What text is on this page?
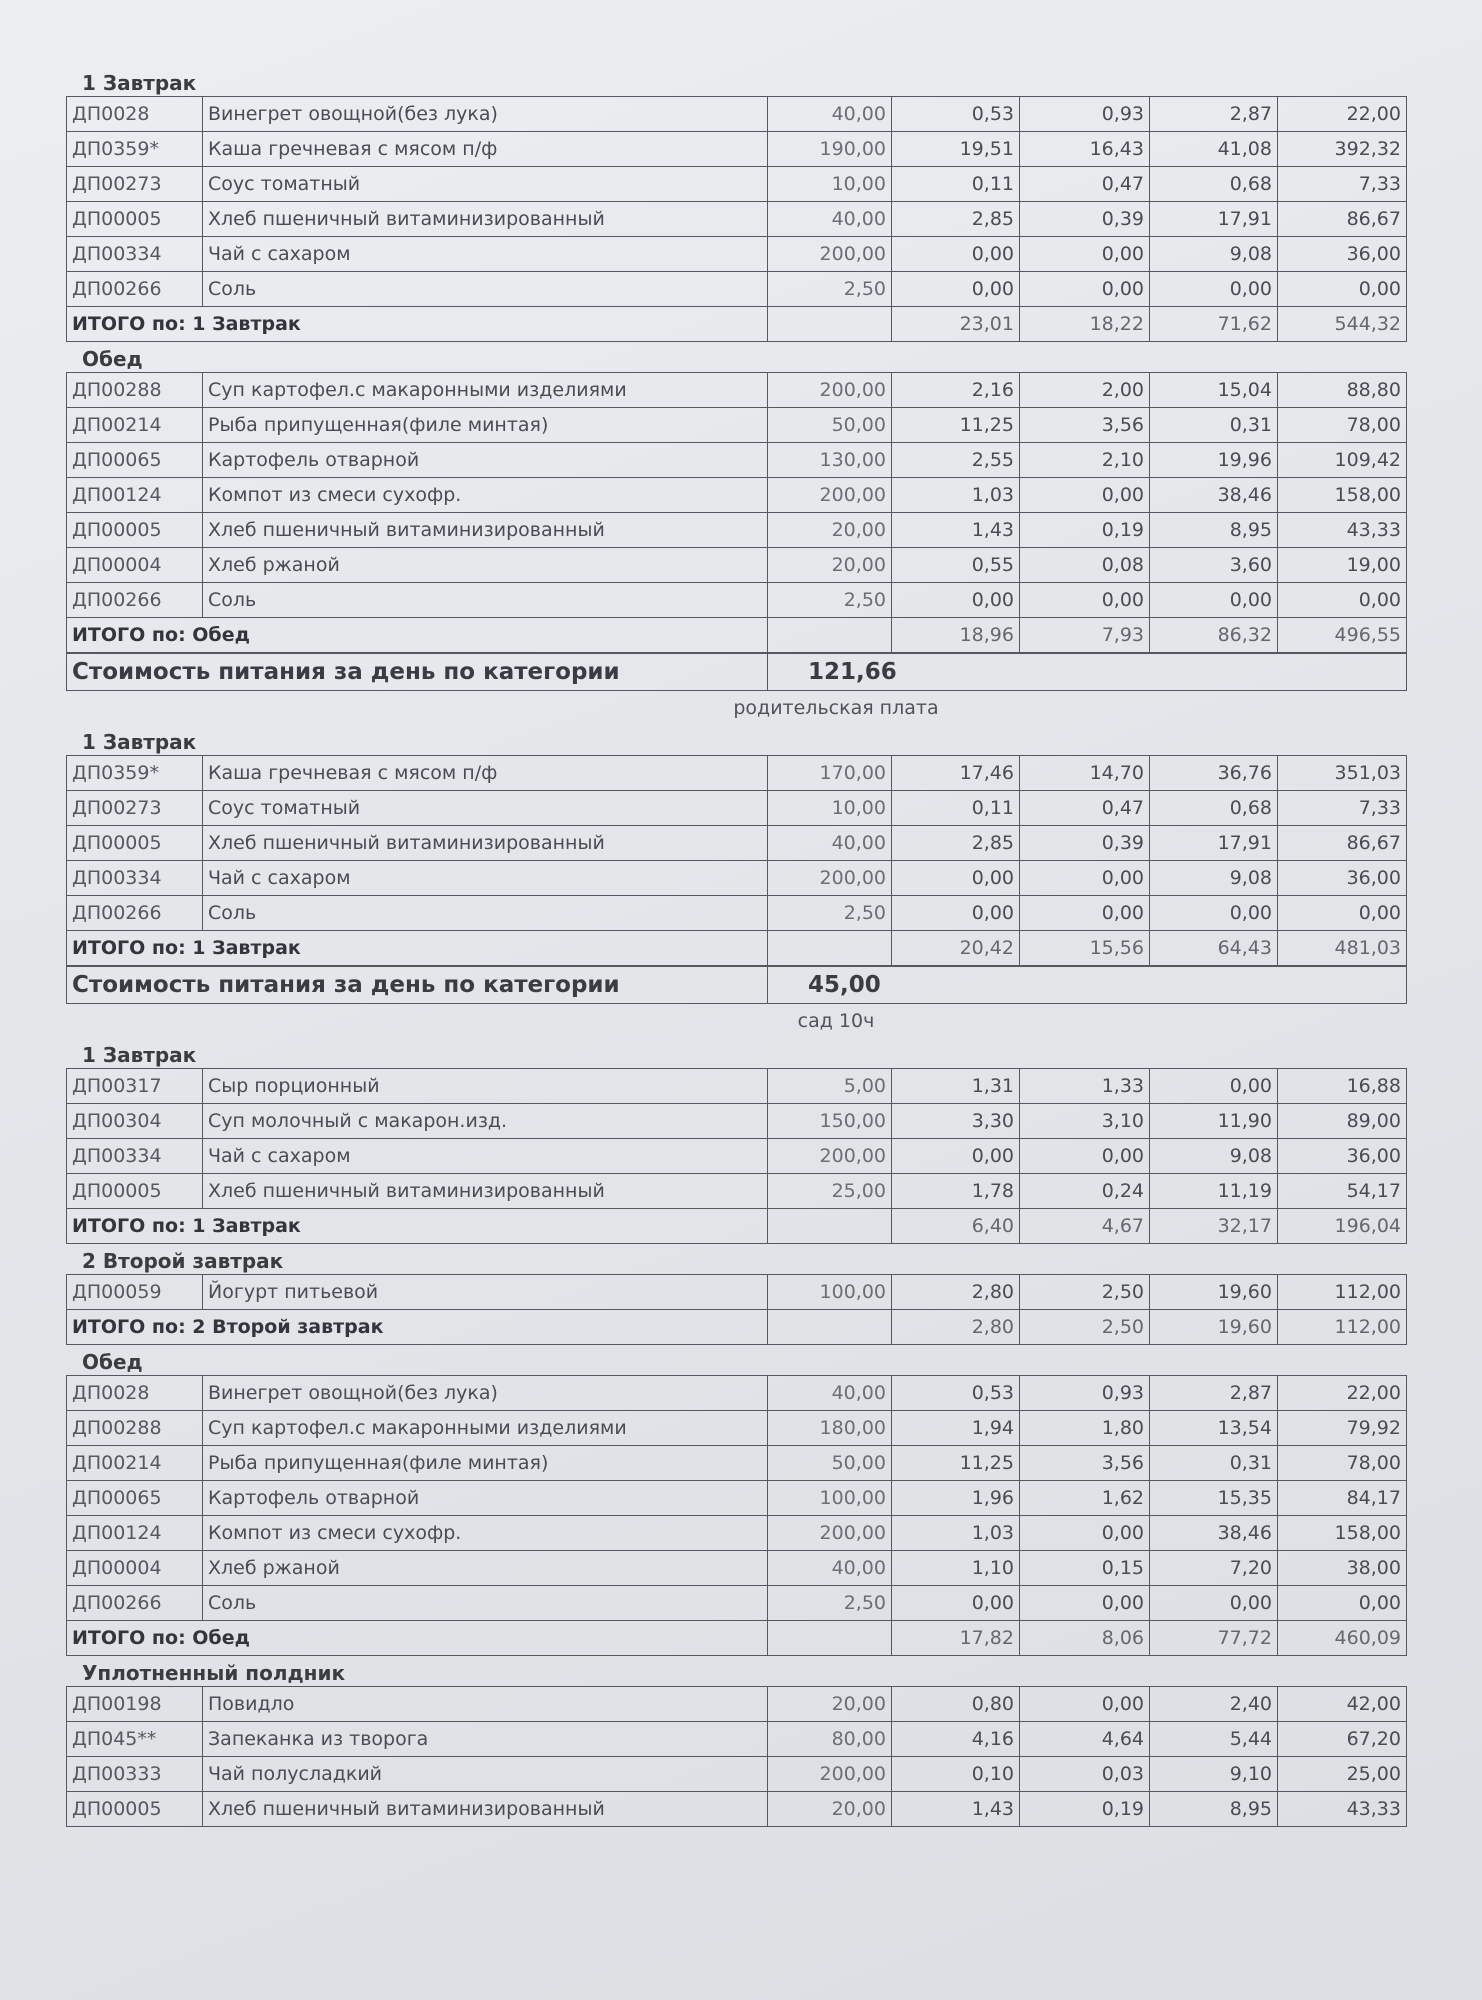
1 Завтрак
ДП0028	Винегрет овощной(без лука)	40,00	0,53	0,93	2,87	22,00
ДП0359*	Каша гречневая с мясом п/ф	190,00	19,51	16,43	41,08	392,32
ДП00273	Соус томатный	10,00	0,11	0,47	0,68	7,33
ДП00005	Хлеб пшеничный витаминизированный	40,00	2,85	0,39	17,91	86,67
ДП00334	Чай с сахаром	200,00	0,00	0,00	9,08	36,00
ДП00266	Соль	2,50	0,00	0,00	0,00	0,00
ИТОГО по: 1 Завтрак			23,01	18,22	71,62	544,32
Обед
ДП00288	Суп картофел.с макаронными изделиями	200,00	2,16	2,00	15,04	88,80
ДП00214	Рыба припущенная(филе минтая)	50,00	11,25	3,56	0,31	78,00
ДП00065	Картофель отварной	130,00	2,55	2,10	19,96	109,42
ДП00124	Компот из смеси сухофр.	200,00	1,03	0,00	38,46	158,00
ДП00005	Хлеб пшеничный витаминизированный	20,00	1,43	0,19	8,95	43,33
ДП00004	Хлеб ржаной	20,00	0,55	0,08	3,60	19,00
ДП00266	Соль	2,50	0,00	0,00	0,00	0,00
ИТОГО по: Обед			18,96	7,93	86,32	496,55
Стоимость питания за день по категории	121,66
родительская плата
1 Завтрак
ДП0359*	Каша гречневая с мясом п/ф	170,00	17,46	14,70	36,76	351,03
ДП00273	Соус томатный	10,00	0,11	0,47	0,68	7,33
ДП00005	Хлеб пшеничный витаминизированный	40,00	2,85	0,39	17,91	86,67
ДП00334	Чай с сахаром	200,00	0,00	0,00	9,08	36,00
ДП00266	Соль	2,50	0,00	0,00	0,00	0,00
ИТОГО по: 1 Завтрак			20,42	15,56	64,43	481,03
Стоимость питания за день по категории	45,00
сад 10ч
1 Завтрак
ДП00317	Сыр порционный	5,00	1,31	1,33	0,00	16,88
ДП00304	Суп молочный с макарон.изд.	150,00	3,30	3,10	11,90	89,00
ДП00334	Чай с сахаром	200,00	0,00	0,00	9,08	36,00
ДП00005	Хлеб пшеничный витаминизированный	25,00	1,78	0,24	11,19	54,17
ИТОГО по: 1 Завтрак			6,40	4,67	32,17	196,04
2 Второй завтрак
ДП00059	Йогурт питьевой	100,00	2,80	2,50	19,60	112,00
ИТОГО по: 2 Второй завтрак			2,80	2,50	19,60	112,00
Обед
ДП0028	Винегрет овощной(без лука)	40,00	0,53	0,93	2,87	22,00
ДП00288	Суп картофел.с макаронными изделиями	180,00	1,94	1,80	13,54	79,92
ДП00214	Рыба припущенная(филе минтая)	50,00	11,25	3,56	0,31	78,00
ДП00065	Картофель отварной	100,00	1,96	1,62	15,35	84,17
ДП00124	Компот из смеси сухофр.	200,00	1,03	0,00	38,46	158,00
ДП00004	Хлеб ржаной	40,00	1,10	0,15	7,20	38,00
ДП00266	Соль	2,50	0,00	0,00	0,00	0,00
ИТОГО по: Обед			17,82	8,06	77,72	460,09
Уплотненный полдник
ДП00198	Повидло	20,00	0,80	0,00	2,40	42,00
ДП045**	Запеканка из творога	80,00	4,16	4,64	5,44	67,20
ДП00333	Чай полусладкий	200,00	0,10	0,03	9,10	25,00
ДП00005	Хлеб пшеничный витаминизированный	20,00	1,43	0,19	8,95	43,33
